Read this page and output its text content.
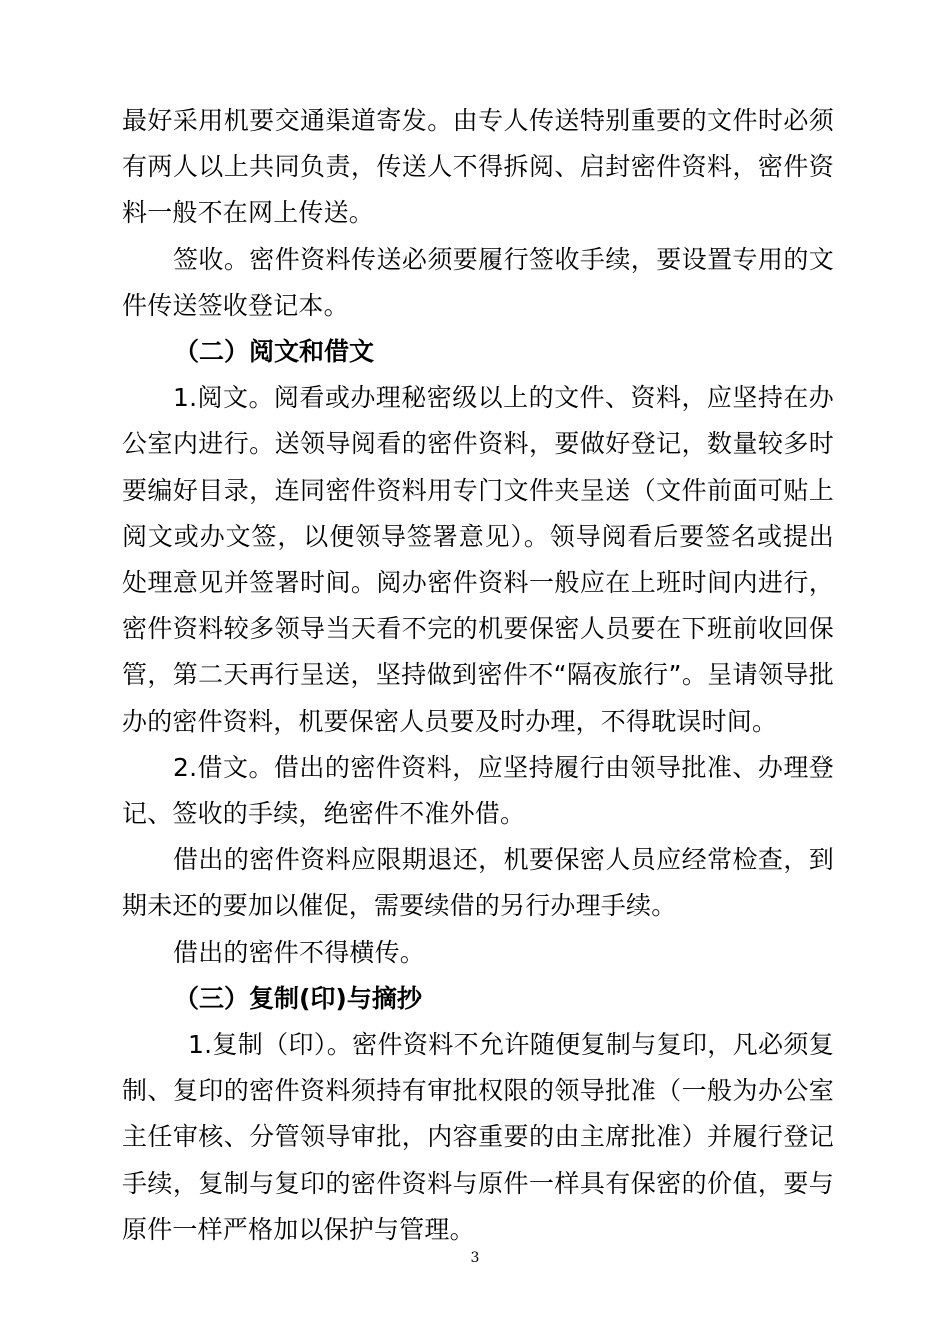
最好采用机要交通渠道寄发。由专人传送特别重要的文件时必须有两人以上共同负责，传送人不得拆阅、启封密件资料，密件资料一般不在网上传送。

签收。密件资料传送必须要履行签收手续，要设置专用的文件传送签收登记本。

（二）阅文和借文

1.阅文。阅看或办理秘密级以上的文件、资料，应坚持在办公室内进行。送领导阅看的密件资料，要做好登记，数量较多时要编好目录，连同密件资料用专门文件夹呈送（文件前面可贴上阅文或办文签，以便领导签署意见）。领导阅看后要签名或提出处理意见并签署时间。阅办密件资料一般应在上班时间内进行，密件资料较多领导当天看不完的机要保密人员要在下班前收回保管，第二天再行呈送，坚持做到密件不“隔夜旅行”。呈请领导批办的密件资料，机要保密人员要及时办理，不得耽误时间。

2.借文。借出的密件资料，应坚持履行由领导批准、办理登记、签收的手续，绝密件不准外借。

借出的密件资料应限期退还，机要保密人员应经常检查，到期未还的要加以催促，需要续借的另行办理手续。

借出的密件不得横传。

（三）复制(印)与摘抄

1.复制（印）。密件资料不允许随便复制与复印，凡必须复制、复印的密件资料须持有审批权限的领导批准（一般为办公室主任审核、分管领导审批，内容重要的由主席批准）并履行登记手续，复制与复印的密件资料与原件一样具有保密的价值，要与原件一样严格加以保护与管理。

3
